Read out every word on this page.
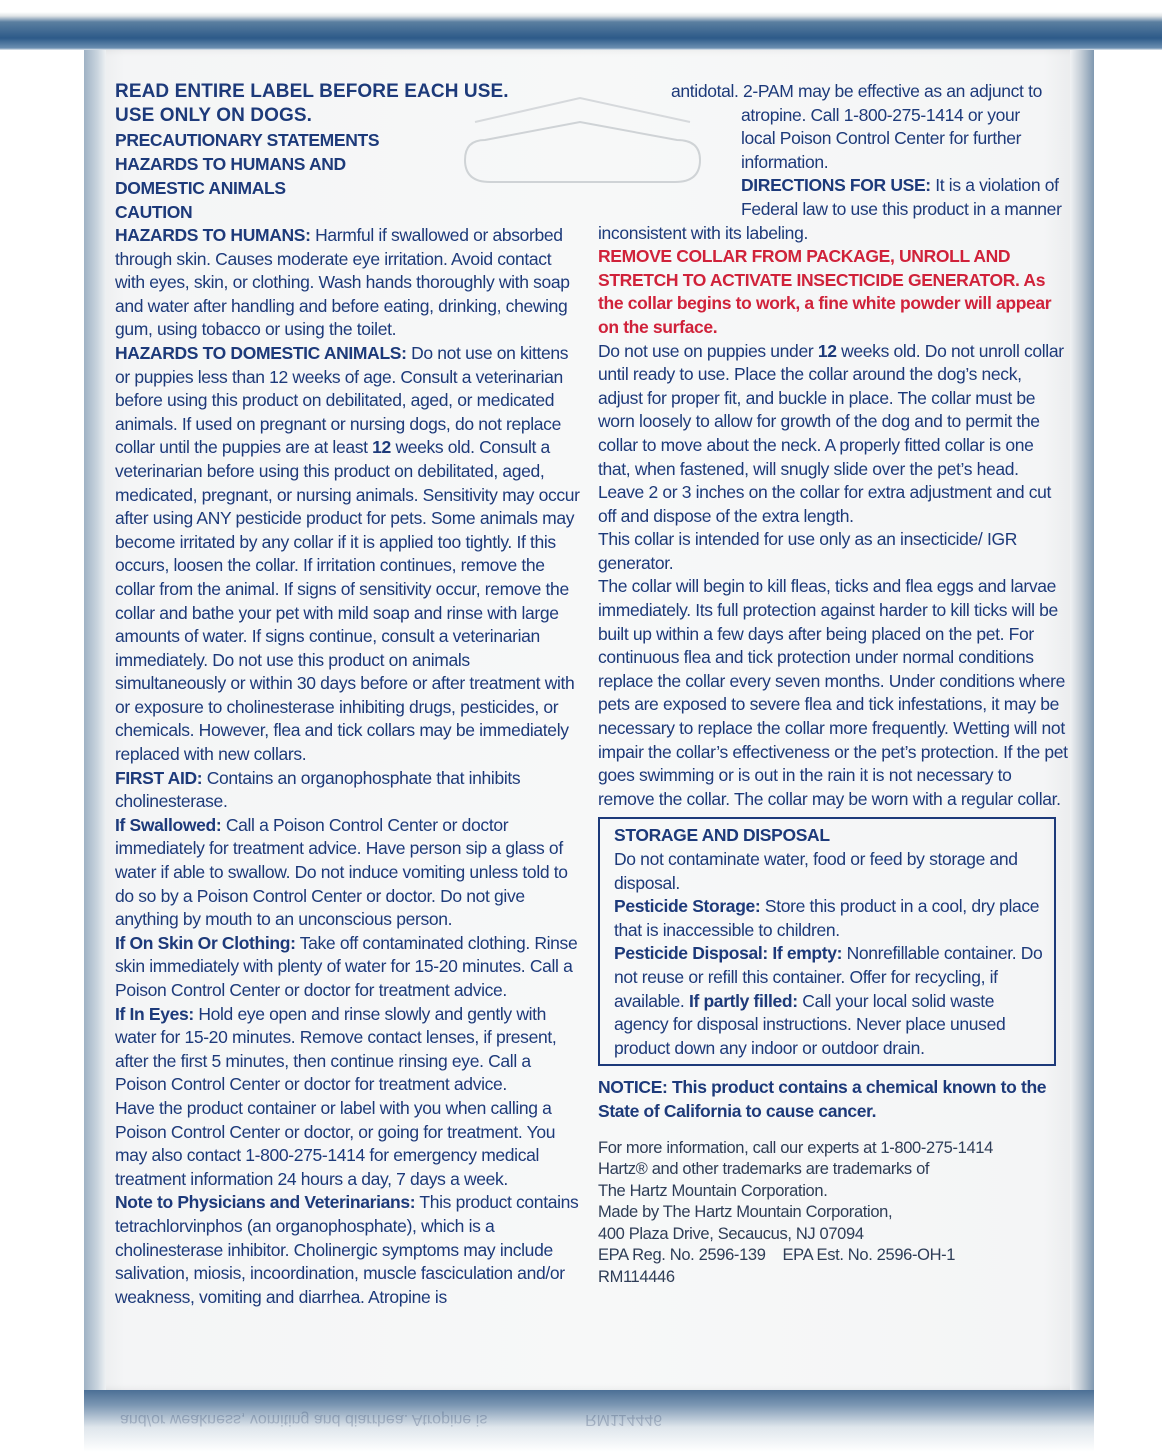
and/or weakness, vomiting and diarrhea. Atropine is                      RM114446

READ ENTIRE LABEL BEFORE EACH USE.

USE ONLY ON DOGS.

PRECAUTIONARY STATEMENTS

HAZARDS TO HUMANS AND

DOMESTIC ANIMALS

CAUTION

HAZARDS TO HUMANS: Harmful if swallowed or absorbed through skin. Causes moderate eye irritation. Avoid contact with eyes, skin, or clothing. Wash hands thoroughly with soap and water after handling and before eating, drinking, chewing gum, using tobacco or using the toilet.

HAZARDS TO DOMESTIC ANIMALS: Do not use on kittens or puppies less than 12 weeks of age. Consult a veterinarian before using this product on debilitated, aged, or medicated animals. If used on pregnant or nursing dogs, do not replace collar until the puppies are at least 12 weeks old. Consult a veterinarian before using this product on debilitated, aged, medicated, pregnant, or nursing animals. Sensitivity may occur after using ANY pesticide product for pets. Some animals may become irritated by any collar if it is applied too tightly. If this occurs, loosen the collar. If irritation continues, remove the collar from the animal. If signs of sensitivity occur, remove the collar and bathe your pet with mild soap and rinse with large amounts of water. If signs continue, consult a veterinarian immediately. Do not use this product on animals simultaneously or within 30 days before or after treatment with or exposure to cholinesterase inhibiting drugs, pesticides, or chemicals. However, flea and tick collars may be immediately replaced with new collars.

FIRST AID: Contains an organophosphate that inhibits cholinesterase.

If Swallowed: Call a Poison Control Center or doctor immediately for treatment advice. Have person sip a glass of water if able to swallow. Do not induce vomiting unless told to do so by a Poison Control Center or doctor. Do not give anything by mouth to an unconscious person.

If On Skin Or Clothing: Take off contaminated clothing. Rinse skin immediately with plenty of water for 15-20 minutes. Call a Poison Control Center or doctor for treatment advice.

If In Eyes: Hold eye open and rinse slowly and gently with water for 15-20 minutes. Remove contact lenses, if present, after the first 5 minutes, then continue rinsing eye. Call a Poison Control Center or doctor for treatment advice.

Have the product container or label with you when calling a Poison Control Center or doctor, or going for treatment. You may also contact 1-800-275-1414 for emergency medical treatment information 24 hours a day, 7 days a week.

Note to Physicians and Veterinarians: This product contains tetrachlorvinphos (an organophosphate), which is a cholinesterase inhibitor. Cholinergic symptoms may include salivation, miosis, incoordination, muscle fasciculation and/or weakness, vomiting and diarrhea. Atropine is

antidotal. 2-PAM may be effective as an adjunct to

atropine. Call 1-800-275-1414 or your

local Poison Control Center for further

information.

DIRECTIONS FOR USE: It is a violation of

Federal law to use this product in a manner

inconsistent with its labeling.

REMOVE COLLAR FROM PACKAGE, UNROLL AND STRETCH TO ACTIVATE INSECTICIDE GENERATOR. As the collar begins to work, a fine white powder will appear on the surface.

Do not use on puppies under 12 weeks old. Do not unroll collar until ready to use. Place the collar around the dog’s neck, adjust for proper fit, and buckle in place. The collar must be worn loosely to allow for growth of the dog and to permit the collar to move about the neck. A properly fitted collar is one that, when fastened, will snugly slide over the pet’s head. Leave 2 or 3 inches on the collar for extra adjustment and cut off and dispose of the extra length.

This collar is intended for use only as an insecticide/ IGR generator.

The collar will begin to kill fleas, ticks and flea eggs and larvae immediately. Its full protection against harder to kill ticks will be built up within a few days after being placed on the pet. For continuous flea and tick protection under normal conditions replace the collar every seven months. Under conditions where pets are exposed to severe flea and tick infestations, it may be necessary to replace the collar more frequently. Wetting will not impair the collar’s effectiveness or the pet’s protection. If the pet goes swimming or is out in the rain it is not necessary to remove the collar. The collar may be worn with a regular collar.

STORAGE AND DISPOSAL

Do not contaminate water, food or feed by storage and disposal.

Pesticide Storage: Store this product in a cool, dry place that is inaccessible to children.

Pesticide Disposal: If empty: Nonrefillable container. Do not reuse or refill this container. Offer for recycling, if available. If partly filled: Call your local solid waste agency for disposal instructions. Never place unused product down any indoor or outdoor drain.

NOTICE: This product contains a chemical known to the State of California to cause cancer.

For more information, call our experts at 1-800-275-1414

Hartz® and other trademarks are trademarks of

The Hartz Mountain Corporation.

Made by The Hartz Mountain Corporation,

400 Plaza Drive, Secaucus, NJ 07094

EPA Reg. No. 2596-139    EPA Est. No. 2596-OH-1

RM114446
